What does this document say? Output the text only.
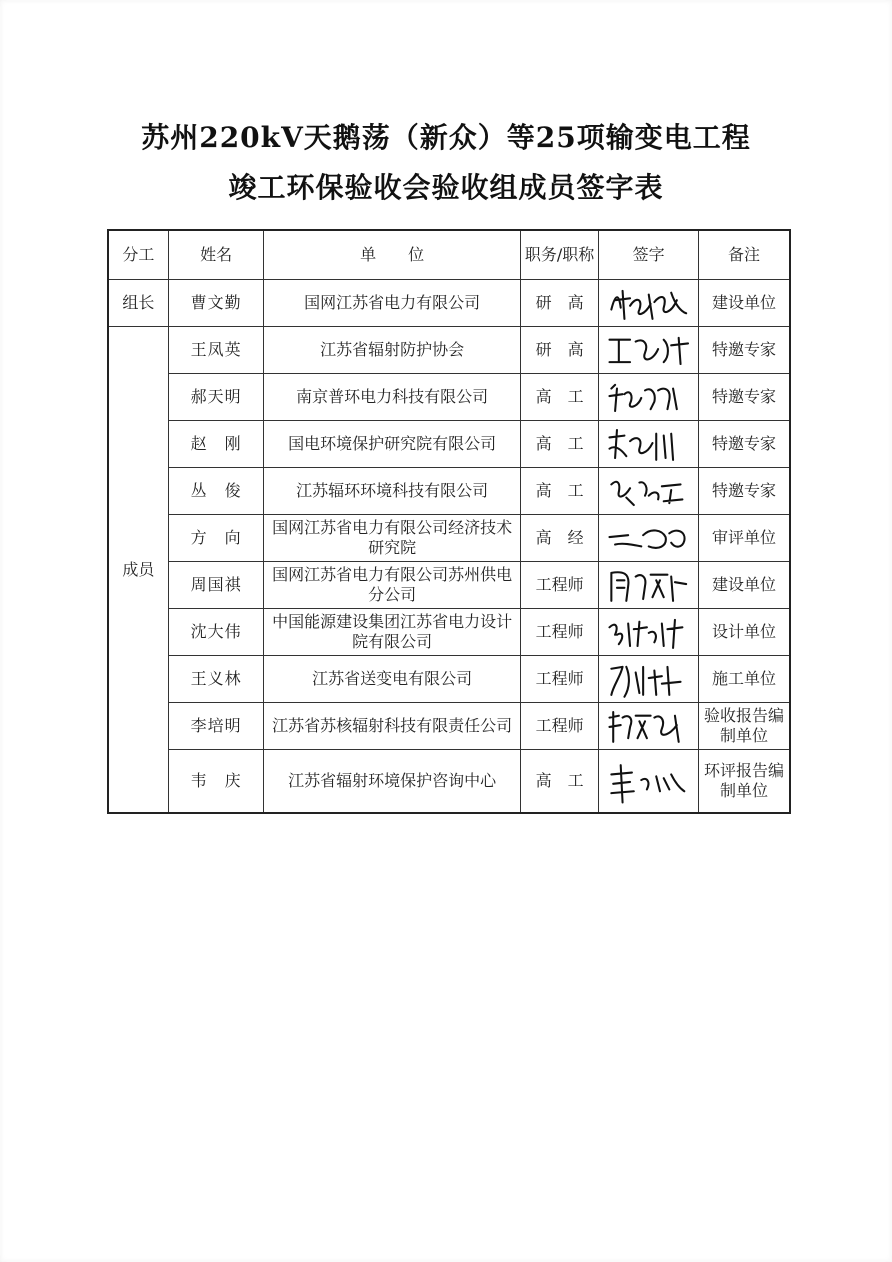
苏州220kV天鹅荡（新众）等25项输变电工程
竣工环保验收会验收组成员签字表
分工	姓名	单　　位	职务/职称	签字	备注
组长	曹文勤	国网江苏省电力有限公司	研　高		建设单位
成员	王凤英	江苏省辐射防护协会	研　高		特邀专家
	郝天明	南京普环电力科技有限公司	高　工		特邀专家
	赵　刚	国电环境保护研究院有限公司	高　工		特邀专家
	丛　俊	江苏辐环环境科技有限公司	高　工		特邀专家
	方　向	国网江苏省电力有限公司经济技术研究院	高　经		审评单位
	周国祺	国网江苏省电力有限公司苏州供电分公司	工程师		建设单位
	沈大伟	中国能源建设集团江苏省电力设计院有限公司	工程师		设计单位
	王义林	江苏省送变电有限公司	工程师		施工单位
	李培明	江苏省苏核辐射科技有限责任公司	工程师		验收报告编制单位
	韦　庆	江苏省辐射环境保护咨询中心	高　工		环评报告编制单位
